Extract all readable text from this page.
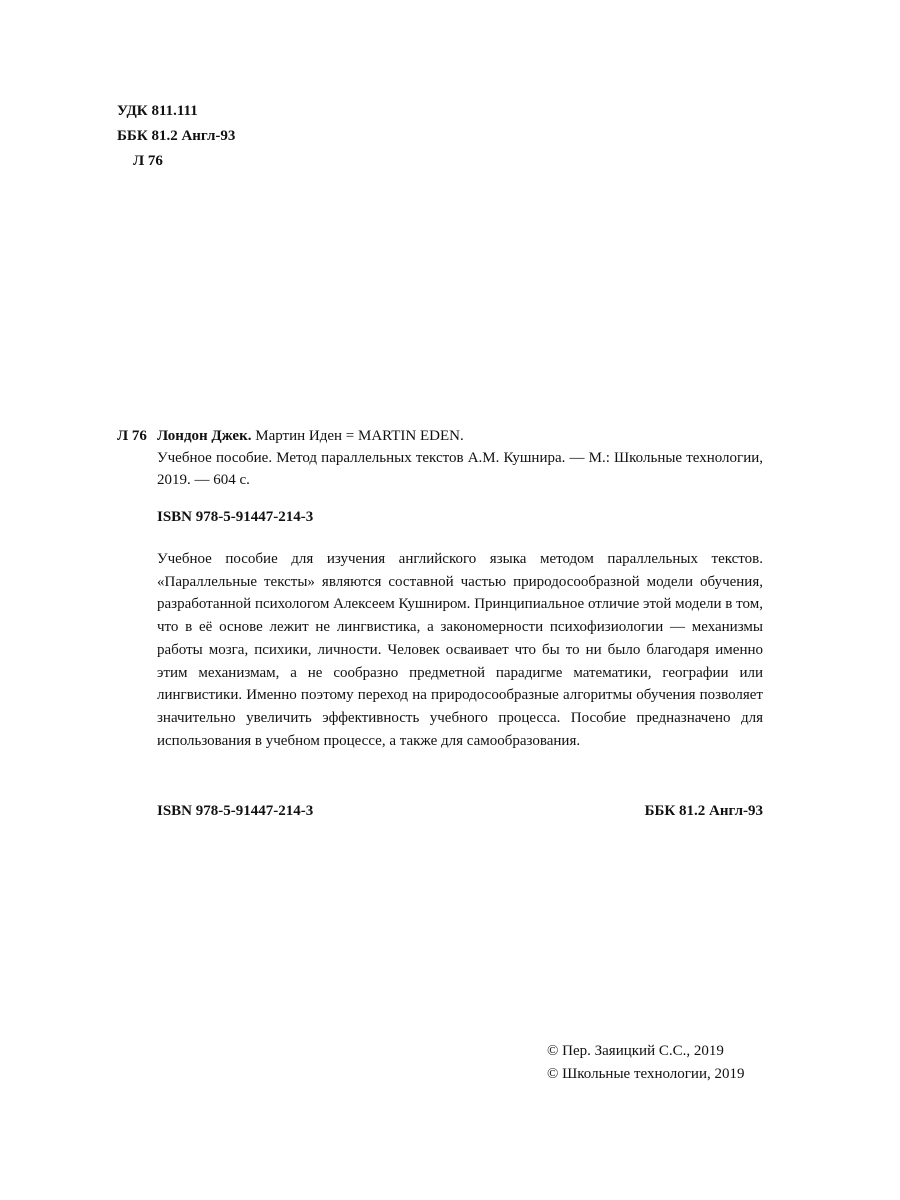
УДК 811.111
ББК 81.2 Англ-93
Л 76
Л 76 Лондон Джек. Мартин Иден = MARTIN EDEN.
Учебное пособие. Метод параллельных текстов А.М. Кушнира. — М.: Школьные технологии, 2019. — 604 с.
ISBN 978-5-91447-214-3
Учебное пособие для изучения английского языка методом параллельных текстов. «Параллельные тексты» являются составной частью природосообразной модели обучения, разработанной психологом Алексеем Кушниром. Принципиальное отличие этой модели в том, что в её основе лежит не лингвистика, а закономерности психофизиологии — механизмы работы мозга, психики, личности. Человек осваивает что бы то ни было благодаря именно этим механизмам, а не сообразно предметной парадигме математики, географии или лингвистики. Именно поэтому переход на природосообразные алгоритмы обучения позволяет значительно увеличить эффективность учебного процесса. Пособие предназначено для использования в учебном процессе, а также для самообразования.
ISBN 978-5-91447-214-3	ББК 81.2 Англ-93
© Пер. Заяицкий С.С., 2019
© Школьные технологии, 2019
